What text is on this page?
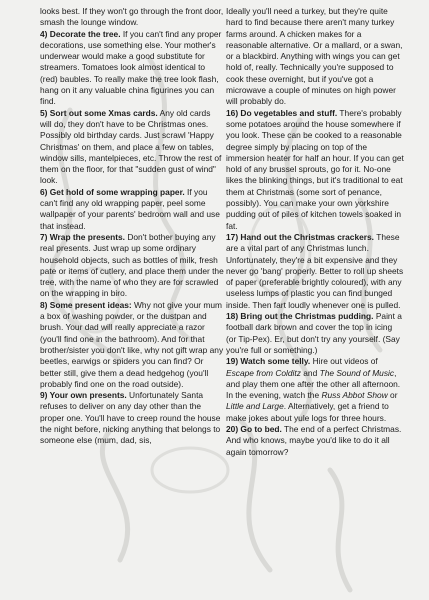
looks best. If they won't go through the front door, smash the lounge window.

4) Decorate the tree. If you can't find any proper decorations, use something else. Your mother's underwear would make a good substitute for streamers. Tomatoes look almost identical to (red) baubles. To really make the tree look flash, hang on it any valuable china figurines you can find.

5) Sort out some Xmas cards. Any old cards will do, they don't have to be Christmas ones. Possibly old birthday cards. Just scrawl 'Happy Christmas' on them, and place a few on tables, window sills, mantelpieces, etc. Throw the rest of them on the floor, for that "sudden gust of wind" look.

6) Get hold of some wrapping paper. If you can't find any old wrapping paper, peel some wallpaper of your parents' bedroom wall and use that instead.

7) Wrap the presents. Don't bother buying any real presents. Just wrap up some ordinary household objects, such as bottles of milk, fresh pate or items of cutlery, and place them under the tree, with the name of who they are for scrawled on the wrapping in biro.

8) Some present ideas: Why not give your mum a box of washing powder, or the dustpan and brush. Your dad will really appreciate a razor (you'll find one in the bathroom). And for that brother/sister you don't like, why not gift wrap any beetles, earwigs or spiders you can find? Or better still, give them a dead hedgehog (you'll probably find one on the road outside).

9) Your own presents. Unfortunately Santa refuses to deliver on any day other than the proper one. You'll have to creep round the house the night before, nicking anything that belongs to someone else (mum, dad, sis,

Ideally you'll need a turkey, but they're quite hard to find because there aren't many turkey farms around. A chicken makes for a reasonable alternative. Or a mallard, or a swan, or a blackbird. Anything with wings you can get hold of, really. Technically you're supposed to cook these overnight, but if you've got a microwave a couple of minutes on high power will probably do.

16) Do vegetables and stuff. There's probably some potatoes around the house somewhere if you look. These can be cooked to a reasonable degree simply by placing on top of the immersion heater for half an hour. If you can get hold of any brussel sprouts, go for it. No-one likes the blinking things, but it's traditional to eat them at Christmas (some sort of penance, possibly). You can make your own yorkshire pudding out of piles of kitchen towels soaked in fat.

17) Hand out the Christmas crackers. These are a vital part of any Christmas lunch. Unfortunately, they're a bit expensive and they never go 'bang' properly. Better to roll up sheets of paper (preferable brightly coloured), with any useless lumps of plastic you can find bunged inside. Then fart loudly whenever one is pulled.

18) Bring out the Christmas pudding. Paint a football dark brown and cover the top in icing (or Tip-Pex). Er, but don't try any yourself. (Say you're full or something.)

19) Watch some telly. Hire out videos of Escape from Colditz and The Sound of Music, and play them one after the other all afternoon. In the evening, watch the Russ Abbot Show or Little and Large. Alternatively, get a friend to make jokes about yule logs for three hours.

20) Go to bed. The end of a perfect Christmas. And who knows, maybe you'd like to do it all again tomorrow?
